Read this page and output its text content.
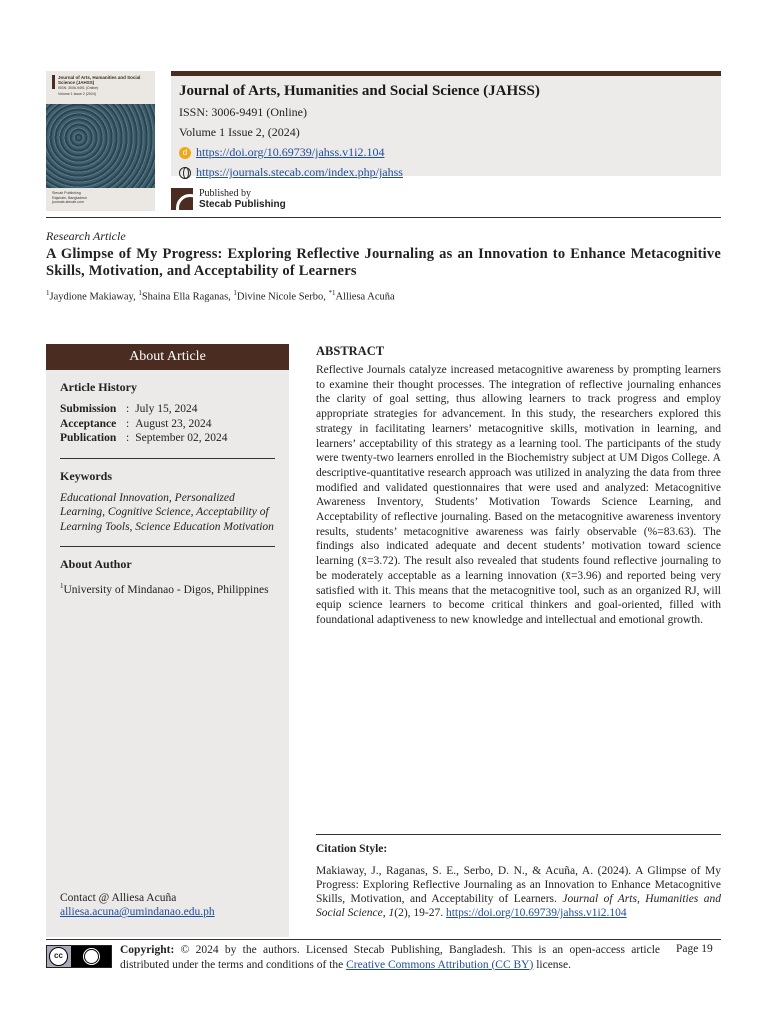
Journal of Arts, Humanities and Social Science (JAHSS)
ISSN: 3006-9491 (Online)
Volume 1 Issue 2 (2024)
Stecab Publishing
Rajshahi, Bangladesh
journals.stecab.com
Journal of Arts, Humanities and Social Science (JAHSS)
ISSN: 3006-9491 (Online)
Volume 1 Issue 2, (2024)
d https://doi.org/10.69739/jahss.v1i2.104
https://journals.stecab.com/index.php/jahss
Published by
Stecab Publishing
Research Article
A Glimpse of My Progress: Exploring Reflective Journaling as an Innovation to Enhance Metacognitive Skills, Motivation, and Acceptability of Learners
$^1$Jaydione Makiaway, $^1$Shaina Ella Raganas, $^1$Divine Nicole Serbo, $^{*1}$Alliesa Acuña
About Article
Article History
Submission : July 15, 2024
Acceptance : August 23, 2024
Publication : September 02, 2024
Keywords
Educational Innovation, Personalized Learning, Cognitive Science, Acceptability of Learning Tools, Science Education Motivation
About Author
$^1$University of Mindanao - Digos, Philippines
Contact @ Alliesa Acuña
alliesa.acuna@umindanao.edu.ph
ABSTRACT
Reflective Journals catalyze increased metacognitive awareness by prompting learners to examine their thought processes. The integration of reflective journaling enhances the clarity of goal setting, thus allowing learners to track progress and employ appropriate strategies for advancement. In this study, the researchers explored this strategy in facilitating learners’ metacognitive skills, motivation in learning, and learners’ acceptability of this strategy as a learning tool. The participants of the study were twenty-two learners enrolled in the Biochemistry subject at UM Digos College. A descriptive-quantitative research approach was utilized in analyzing the data from three modified and validated questionnaires that were used and analyzed: Metacognitive Awareness Inventory, Students’ Motivation Towards Science Learning, and Acceptability of reflective journaling. Based on the metacognitive awareness inventory results, students’ metacognitive awareness was fairly observable (%=83.63). The findings also indicated adequate and decent students’ motivation toward science learning (x̄=3.72). The result also revealed that students found reflective journaling to be moderately acceptable as a learning innovation (x̄=3.96) and reported being very satisfied with it. This means that the metacognitive tool, such as an organized RJ, will equip science learners to become critical thinkers and goal-oriented, filled with foundational adaptiveness to new knowledge and intellectual and emotional growth.
Citation Style:
Makiaway, J., Raganas, S. E., Serbo, D. N., & Acuña, A. (2024). A Glimpse of My Progress: Exploring Reflective Journaling as an Innovation to Enhance Metacognitive Skills, Motivation, and Acceptability of Learners. Journal of Arts, Humanities and Social Science, 1(2), 19-27. https://doi.org/10.69739/jahss.v1i2.104
cc	Copyright: © 2024 by the authors. Licensed Stecab Publishing, Bangladesh. This is an open-access article distributed under the terms and conditions of the Creative Commons Attribution (CC BY) license.
Page 19
